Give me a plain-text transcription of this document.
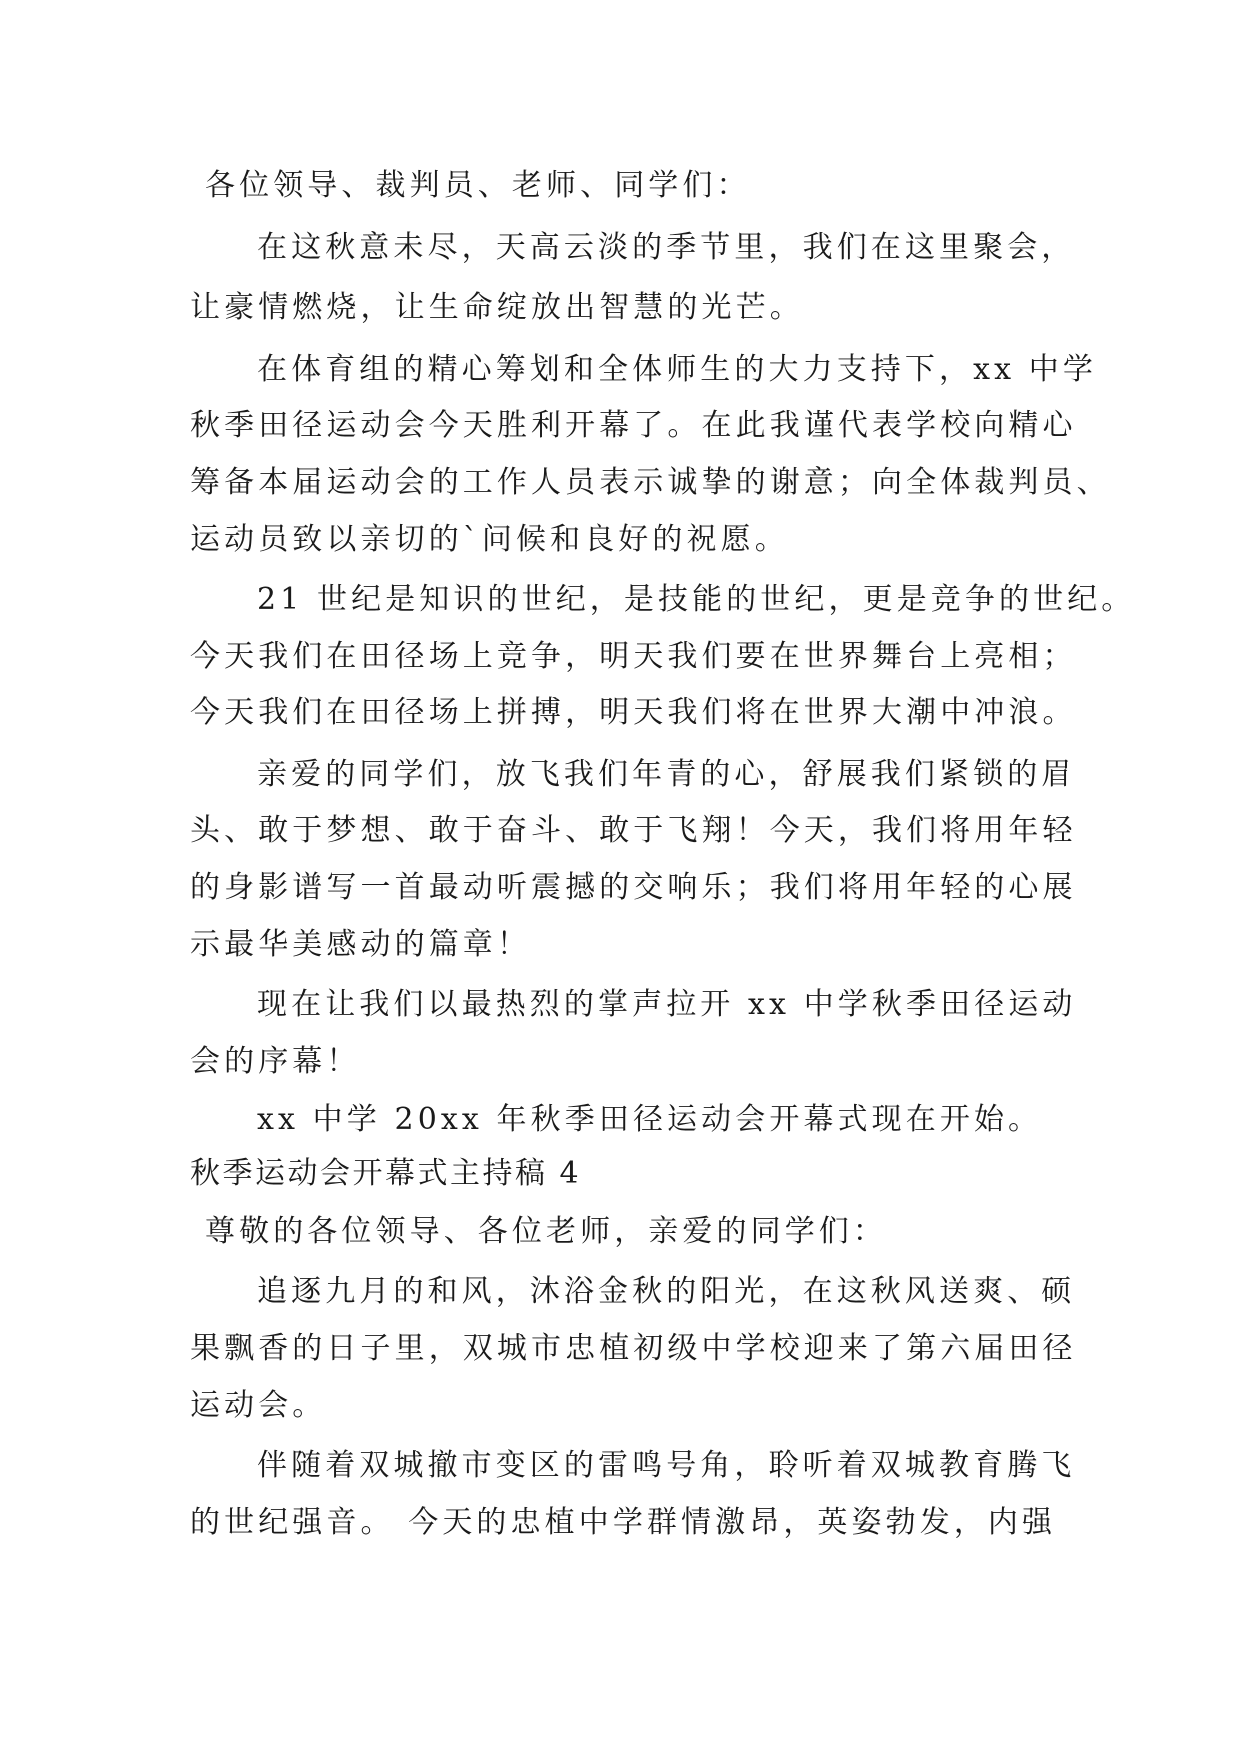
各位领导、裁判员、老师、同学们：
在这秋意未尽，天高云淡的季节里，我们在这里聚会，
让豪情燃烧，让生命绽放出智慧的光芒。
在体育组的精心筹划和全体师生的大力支持下，xx 中学
秋季田径运动会今天胜利开幕了。在此我谨代表学校向精心
筹备本届运动会的工作人员表示诚挚的谢意；向全体裁判员、
运动员致以亲切的`问候和良好的祝愿。
21 世纪是知识的世纪，是技能的世纪，更是竞争的世纪。
今天我们在田径场上竞争，明天我们要在世界舞台上亮相；
今天我们在田径场上拼搏，明天我们将在世界大潮中冲浪。
亲爱的同学们，放飞我们年青的心，舒展我们紧锁的眉
头、敢于梦想、敢于奋斗、敢于飞翔！今天，我们将用年轻
的身影谱写一首最动听震撼的交响乐；我们将用年轻的心展
示最华美感动的篇章！
现在让我们以最热烈的掌声拉开 xx 中学秋季田径运动
会的序幕！
xx 中学 20xx 年秋季田径运动会开幕式现在开始。
秋季运动会开幕式主持稿 4
尊敬的各位领导、各位老师，亲爱的同学们：
追逐九月的和风，沐浴金秋的阳光，在这秋风送爽、硕
果飘香的日子里，双城市忠植初级中学校迎来了第六届田径
运动会。
伴随着双城撤市变区的雷鸣号角，聆听着双城教育腾飞
的世纪强音。 今天的忠植中学群情激昂，英姿勃发，内强
